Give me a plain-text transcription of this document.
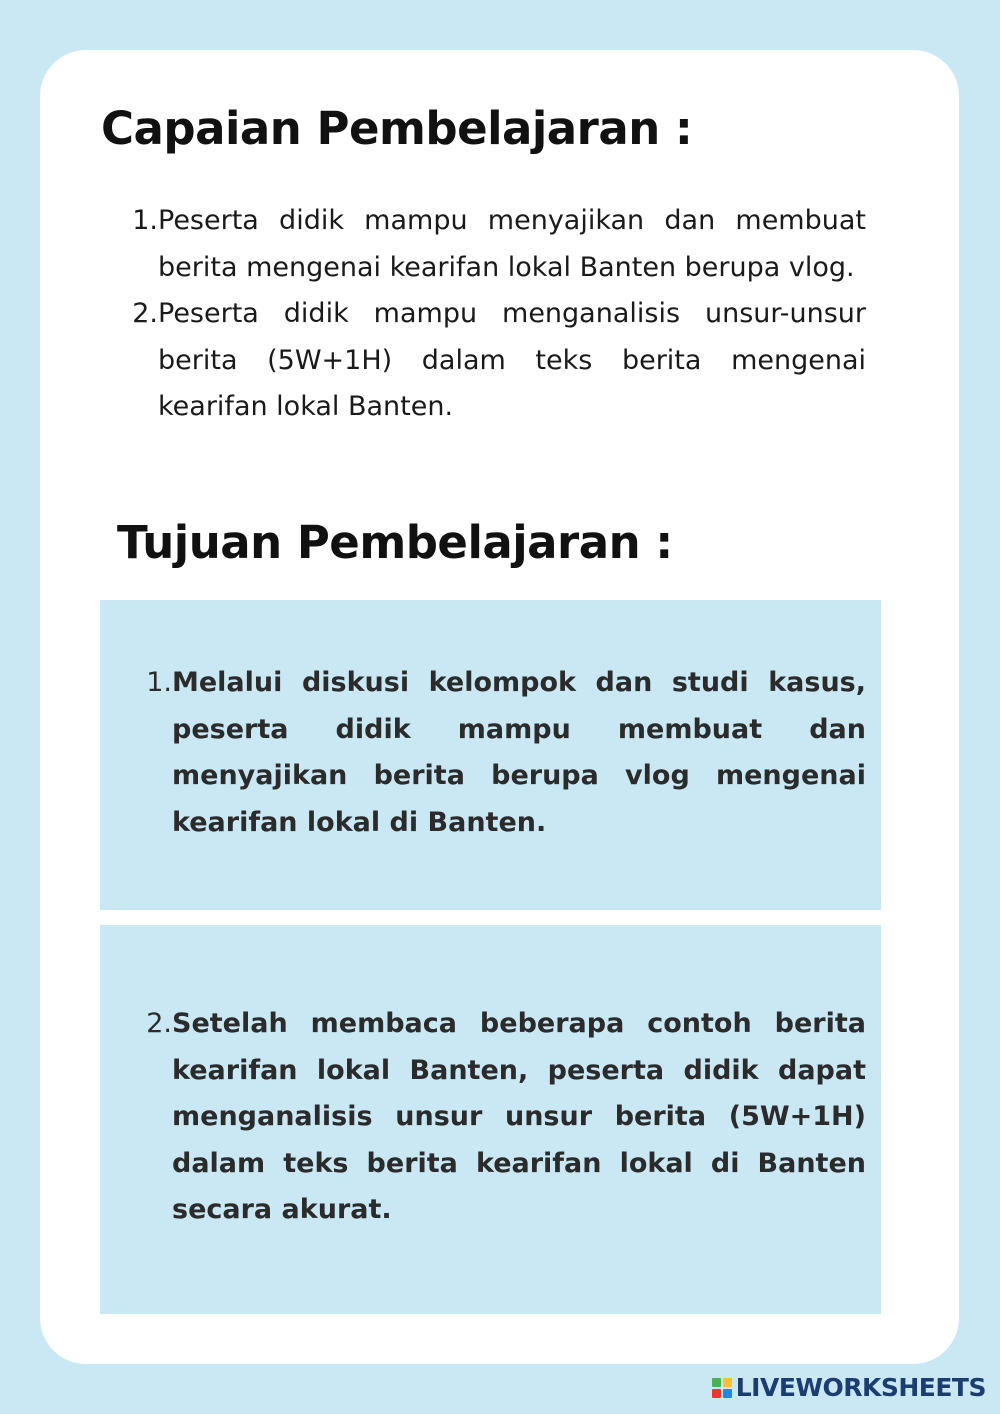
Capaian Pembelajaran :
1. Peserta didik mampu menyajikan dan membuat berita mengenai kearifan lokal Banten berupa vlog.
2. Peserta didik mampu menganalisis unsur-unsur berita (5W+1H) dalam teks berita mengenai kearifan lokal Banten.
Tujuan Pembelajaran :
1. Melalui diskusi kelompok dan studi kasus, peserta didik mampu membuat dan menyajikan berita berupa vlog mengenai kearifan lokal di Banten.
2. Setelah membaca beberapa contoh berita kearifan lokal Banten, peserta didik dapat menganalisis unsur unsur berita (5W+1H) dalam teks berita kearifan lokal di Banten secara akurat.
LIVEWORKSHEETS
